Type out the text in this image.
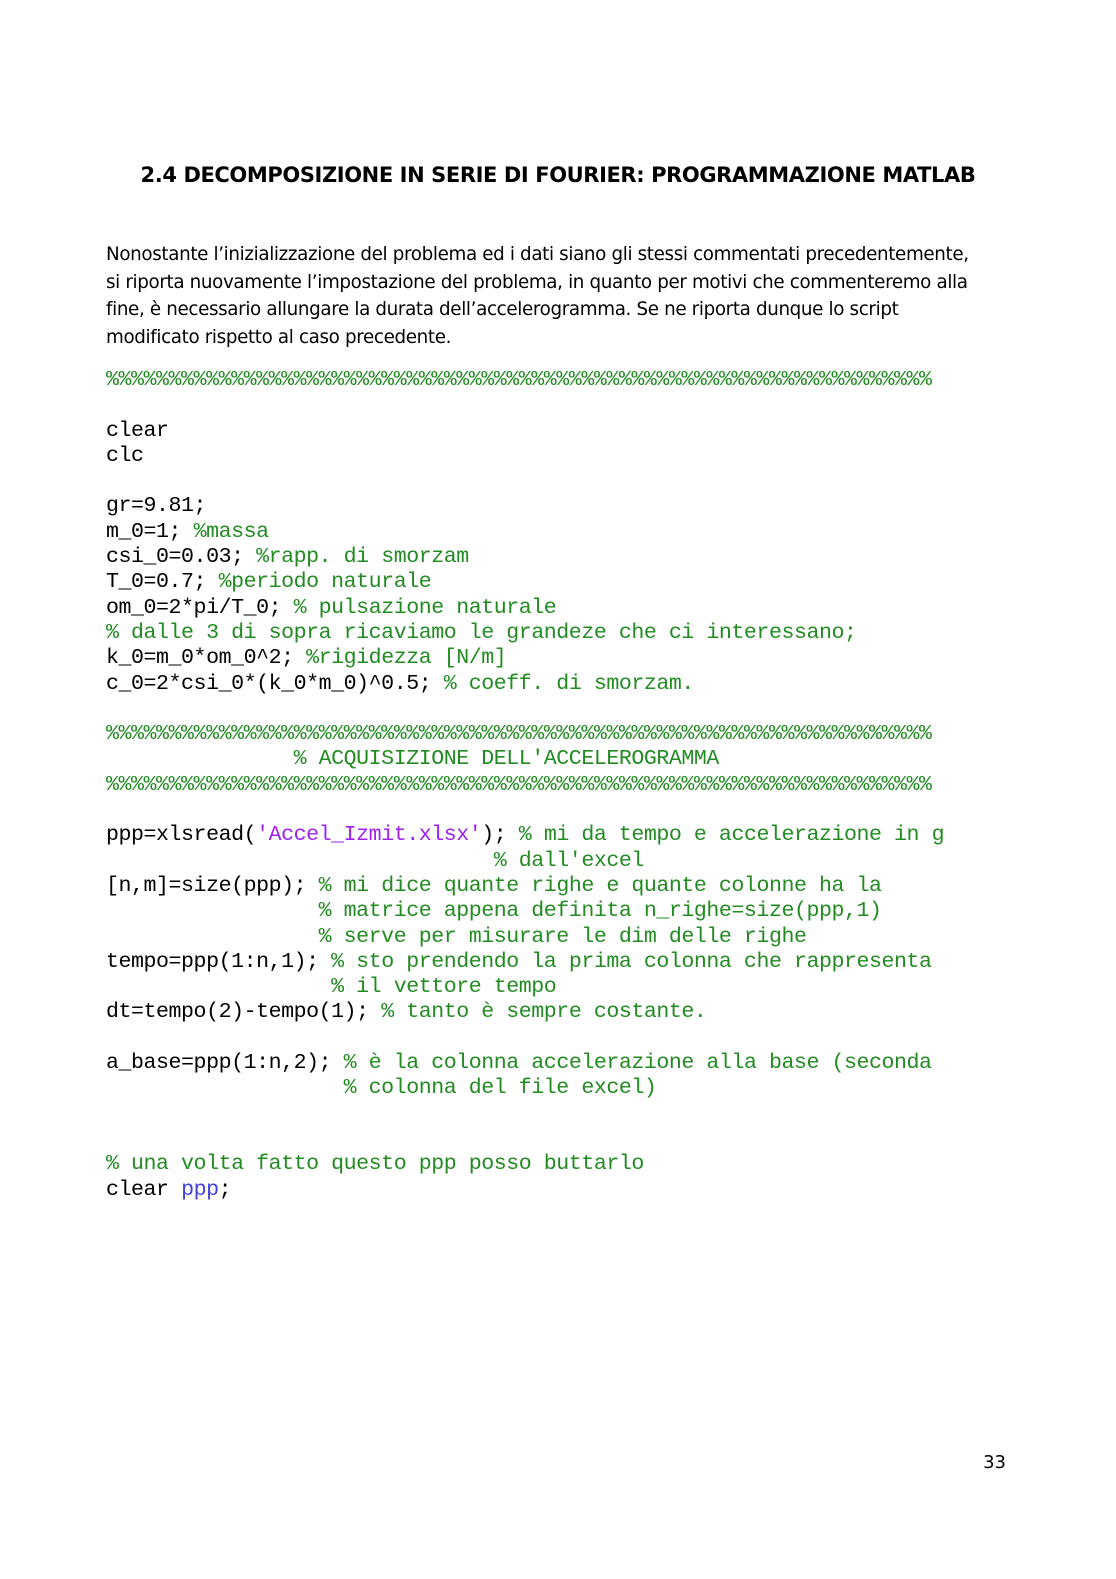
2.4 DECOMPOSIZIONE IN SERIE DI FOURIER: PROGRAMMAZIONE MATLAB
Nonostante l’inizializzazione del problema ed i dati siano gli stessi commentati precedentemente,
si riporta nuovamente l’impostazione del problema, in quanto per motivi che commenteremo alla
fine, è necessario allungare la durata dell’accelerogramma. Se ne riporta dunque lo script
modificato rispetto al caso precedente.
%%%%%%%%%%%%%%%%%%%%%%%%%%%%%%%%%%%%%%%%%%%%%%%%%%%%%%%%%%%%%%%%%%
clear
clc
gr=9.81;
m_0=1; %massa
csi_0=0.03; %rapp. di smorzam
T_0=0.7; %periodo naturale
om_0=2*pi/T_0; % pulsazione naturale
% dalle 3 di sopra ricaviamo le grandeze che ci interessano;
k_0=m_0*om_0^2; %rigidezza [N/m]
c_0=2*csi_0*(k_0*m_0)^0.5; % coeff. di smorzam.
%%%%%%%%%%%%%%%%%%%%%%%%%%%%%%%%%%%%%%%%%%%%%%%%%%%%%%%%%%%%%%%%%%
% ACQUISIZIONE DELL'ACCELEROGRAMMA
%%%%%%%%%%%%%%%%%%%%%%%%%%%%%%%%%%%%%%%%%%%%%%%%%%%%%%%%%%%%%%%%%%
ppp=xlsread('Accel_Izmit.xlsx'); % mi da tempo e accelerazione in g
% dall'excel
[n,m]=size(ppp); % mi dice quante righe e quante colonne ha la
% matrice appena definita n_righe=size(ppp,1)
% serve per misurare le dim delle righe
tempo=ppp(1:n,1); % sto prendendo la prima colonna che rappresenta
% il vettore tempo
dt=tempo(2)-tempo(1); % tanto è sempre costante.
a_base=ppp(1:n,2); % è la colonna accelerazione alla base (seconda
% colonna del file excel)
% una volta fatto questo ppp posso buttarlo
clear ppp;
33
